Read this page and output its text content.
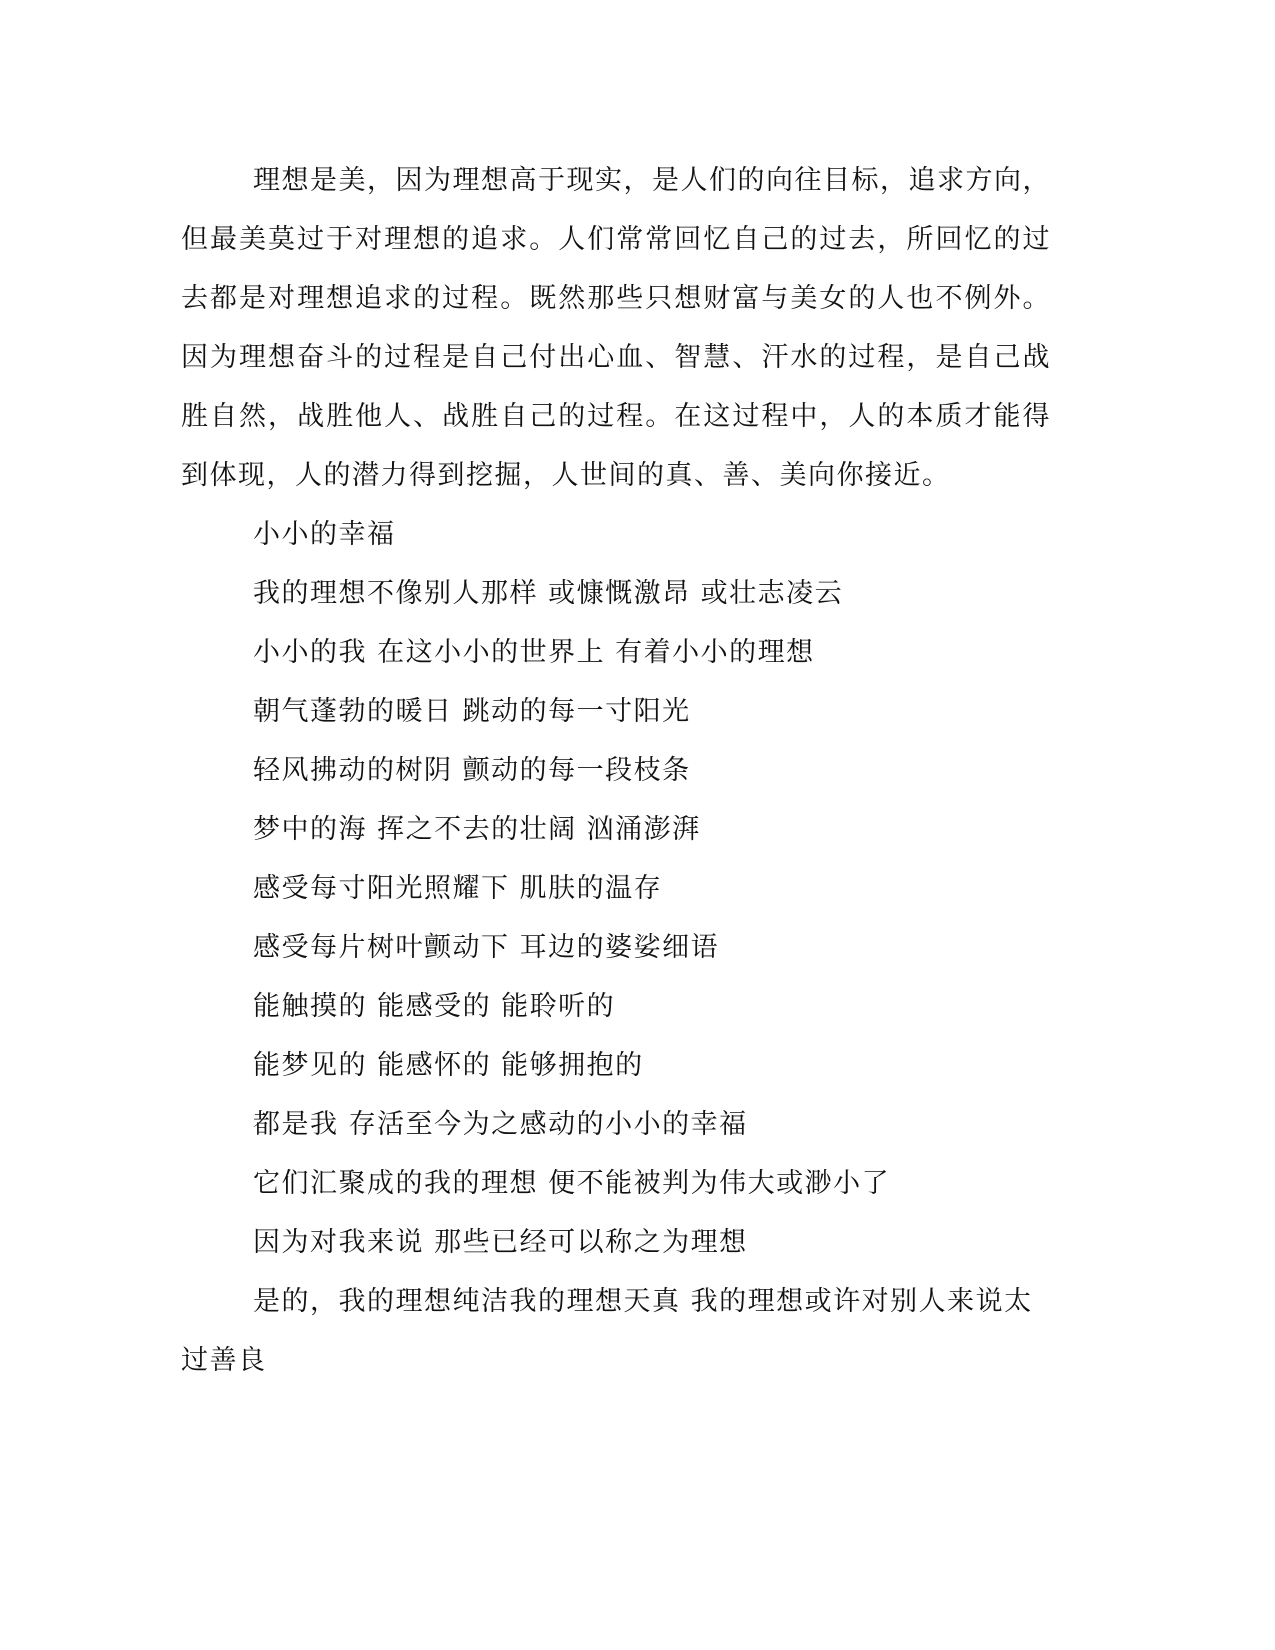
理想是美，因为理想高于现实，是人们的向往目标，追求方向，但最美莫过于对理想的追求。人们常常回忆自己的过去，所回忆的过去都是对理想追求的过程。既然那些只想财富与美女的人也不例外。因为理想奋斗的过程是自己付出心血、智慧、汗水的过程，是自己战胜自然，战胜他人、战胜自己的过程。在这过程中，人的本质才能得到体现，人的潜力得到挖掘，人世间的真、善、美向你接近。

小小的幸福

我的理想不像别人那样 或慷慨激昂 或壮志凌云

小小的我 在这小小的世界上 有着小小的理想

朝气蓬勃的暖日 跳动的每一寸阳光

轻风拂动的树阴 颤动的每一段枝条

梦中的海 挥之不去的壮阔 汹涌澎湃

感受每寸阳光照耀下 肌肤的温存

感受每片树叶颤动下 耳边的婆娑细语

能触摸的 能感受的 能聆听的

能梦见的 能感怀的 能够拥抱的

都是我 存活至今为之感动的小小的幸福

它们汇聚成的我的理想 便不能被判为伟大或渺小了

因为对我来说 那些已经可以称之为理想

是的，我的理想纯洁我的理想天真 我的理想或许对别人来说太过善良
